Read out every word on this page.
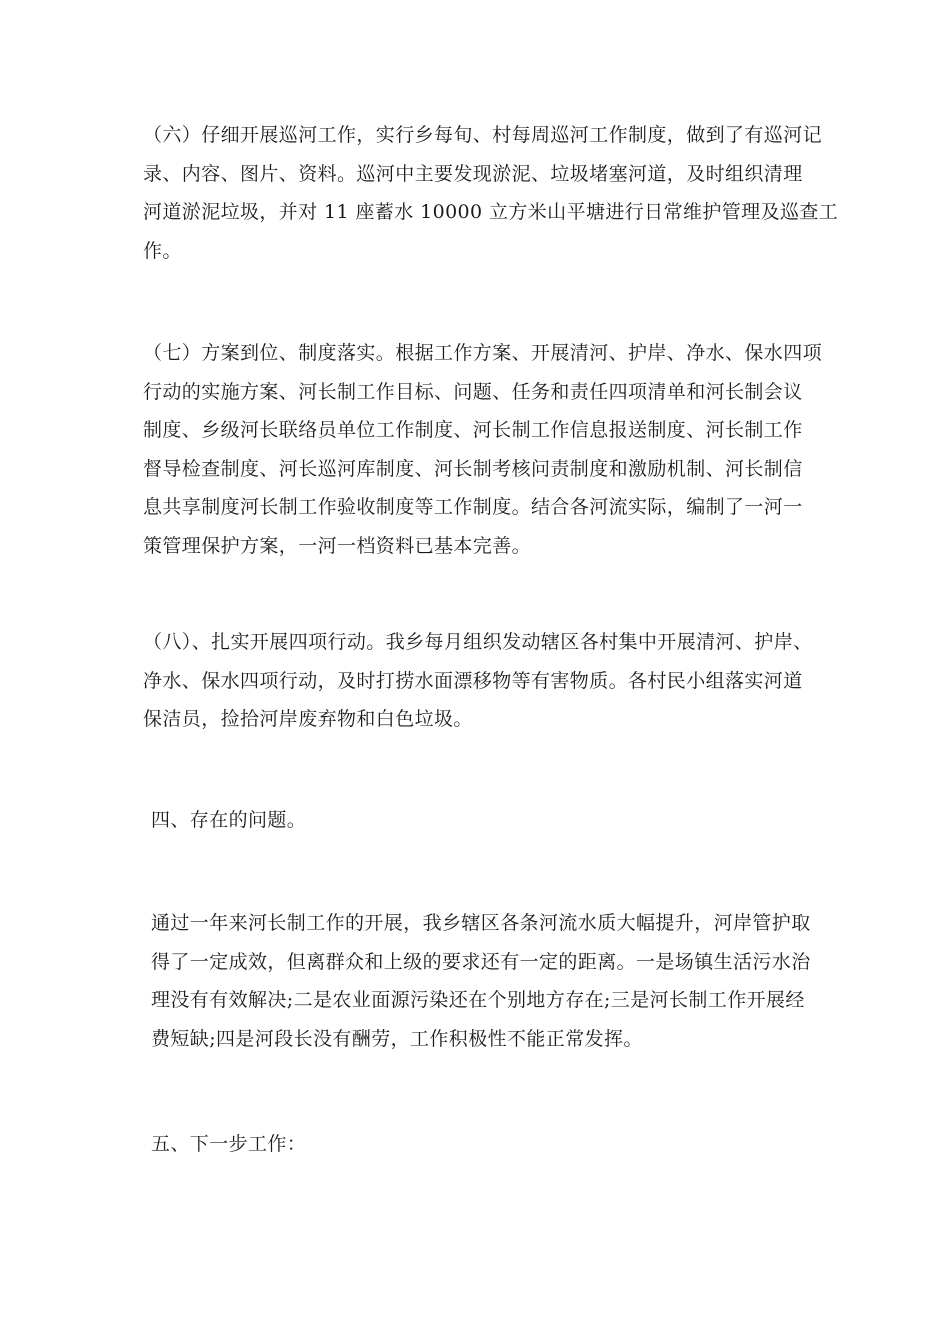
（六）仔细开展巡河工作，实行乡每旬、村每周巡河工作制度，做到了有巡河记
录、内容、图片、资料。巡河中主要发现淤泥、垃圾堵塞河道，及时组织清理
河道淤泥垃圾，并对 11 座蓄水 10000 立方米山平塘进行日常维护管理及巡查工
作。
（七）方案到位、制度落实。根据工作方案、开展清河、护岸、净水、保水四项
行动的实施方案、河长制工作目标、问题、任务和责任四项清单和河长制会议
制度、乡级河长联络员单位工作制度、河长制工作信息报送制度、河长制工作
督导检查制度、河长巡河库制度、河长制考核问责制度和激励机制、河长制信
息共享制度河长制工作验收制度等工作制度。结合各河流实际，编制了一河一
策管理保护方案，一河一档资料已基本完善。
（八）、扎实开展四项行动。我乡每月组织发动辖区各村集中开展清河、护岸、
净水、保水四项行动，及时打捞水面漂移物等有害物质。各村民小组落实河道
保洁员，捡拾河岸废弃物和白色垃圾。
四、存在的问题。
通过一年来河长制工作的开展，我乡辖区各条河流水质大幅提升，河岸管护取
得了一定成效，但离群众和上级的要求还有一定的距离。一是场镇生活污水治
理没有有效解决;二是农业面源污染还在个别地方存在;三是河长制工作开展经
费短缺;四是河段长没有酬劳，工作积极性不能正常发挥。
五、下一步工作：
